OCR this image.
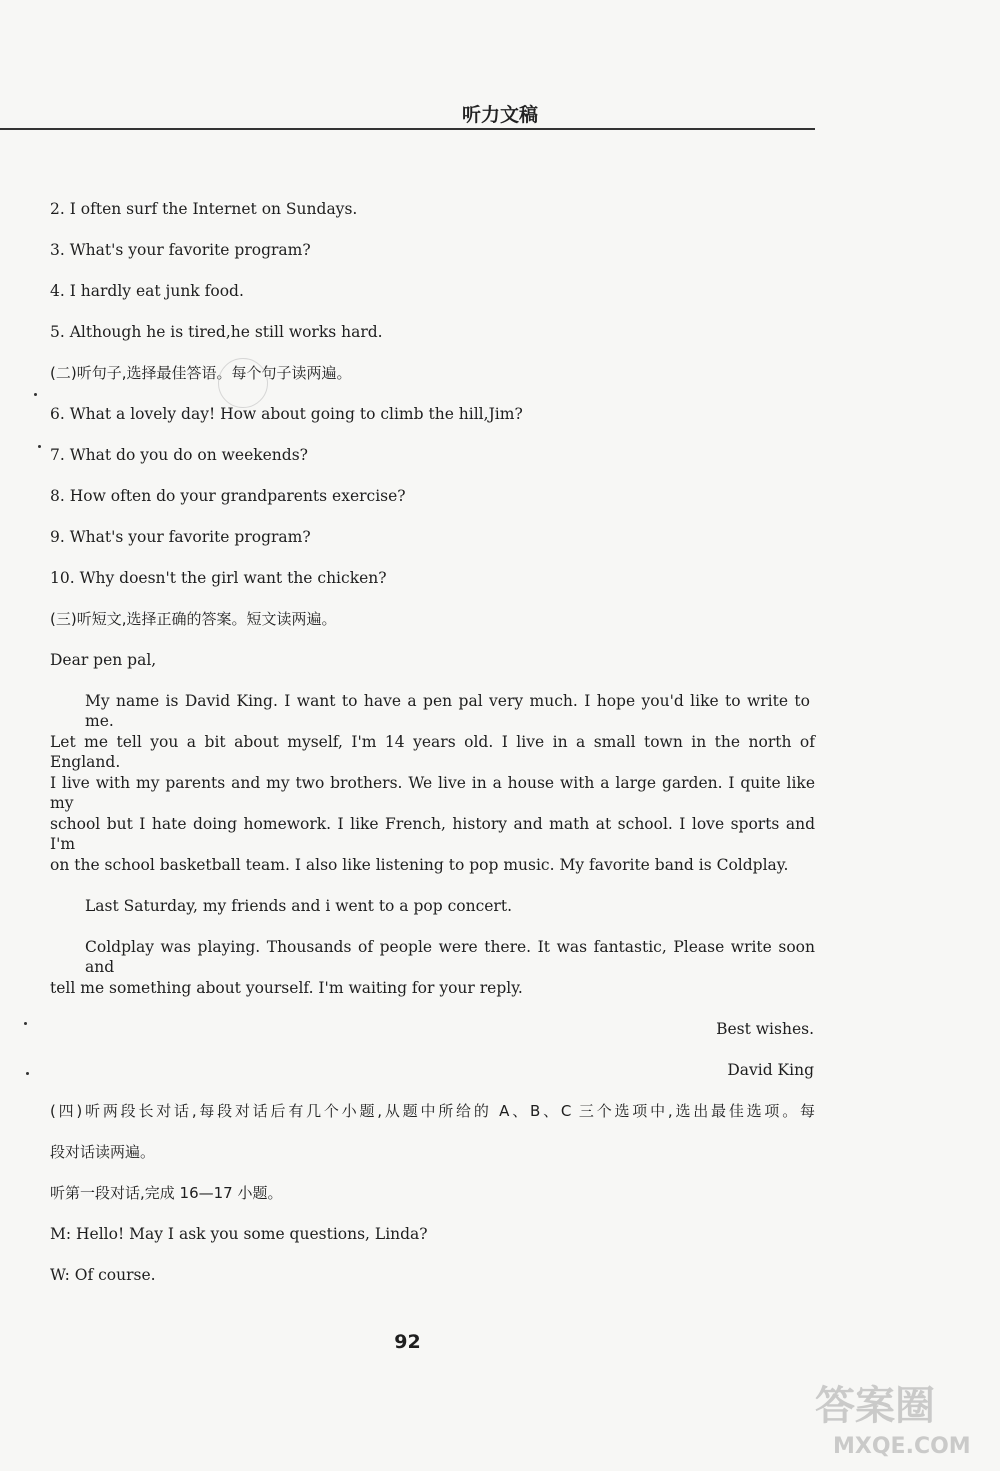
听力文稿
2. I often surf the Internet on Sundays.
3. What's your favorite program?
4. I hardly eat junk food.
5. Although he is tired,he still works hard.
(二)听句子,选择最佳答语。每个句子读两遍。
6. What a lovely day! How about going to climb the hill,Jim?
7. What do you do on weekends?
8. How often do your grandparents exercise?
9. What's your favorite program?
10. Why doesn't the girl want the chicken?
(三)听短文,选择正确的答案。短文读两遍。
Dear pen pal,
My name is David King. I want to have a pen pal very much. I hope you'd like to write to me.
Let me tell you a bit about myself, I'm 14 years old. I live in a small town in the north of England.
I live with my parents and my two brothers. We live in a house with a large garden. I quite like my
school but I hate doing homework. I like French, history and math at school. I love sports and I'm
on the school basketball team. I also like listening to pop music. My favorite band is Coldplay.
Last Saturday, my friends and i went to a pop concert.
Coldplay was playing. Thousands of people were there. It was fantastic, Please write soon and
tell me something about yourself. I'm waiting for your reply.
Best wishes.
David King
(四)听两段长对话,每段对话后有几个小题,从题中所给的 A、B、C 三个选项中,选出最佳选项。每
段对话读两遍。
听第一段对话,完成 16—17 小题。
M: Hello! May I ask you some questions, Linda?
W: Of course.
92
答案圈
MXQE.COM
